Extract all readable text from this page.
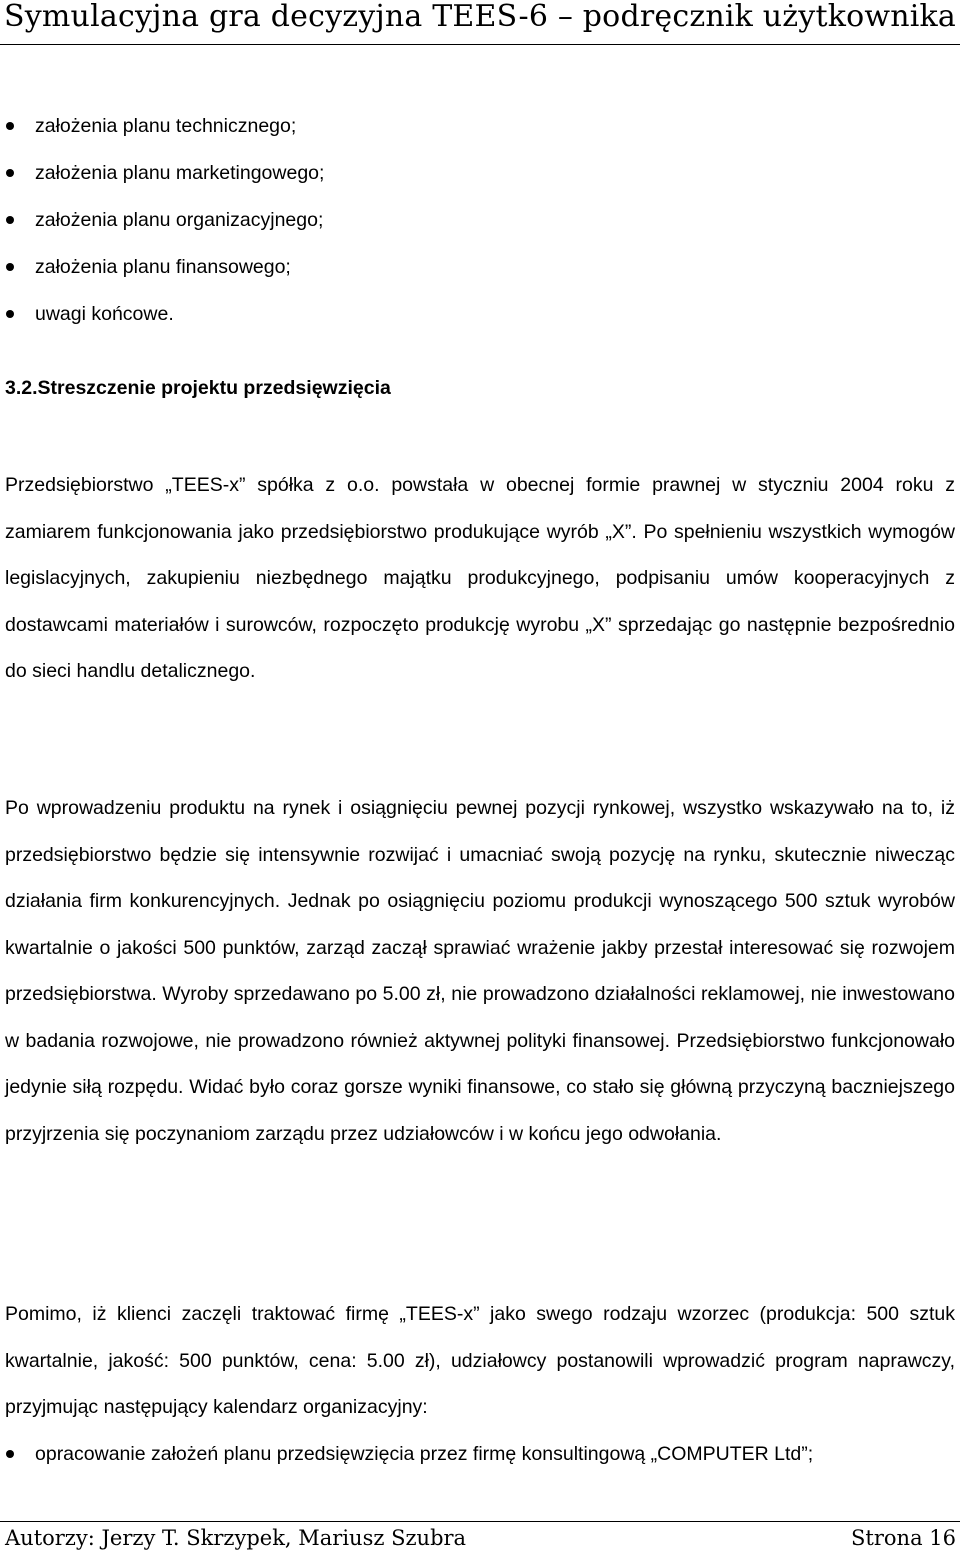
Symulacyjna gra decyzyjna TEES-6 – podręcznik użytkownika
założenia planu technicznego;
założenia planu marketingowego;
założenia planu organizacyjnego;
założenia planu finansowego;
uwagi końcowe.
3.2.Streszczenie projektu przedsięwzięcia

Przedsiębiorstwo „TEES-x” spółka z o.o. powstała w obecnej formie prawnej w styczniu 2004 roku z zamiarem funkcjonowania jako przedsiębiorstwo produkujące wyrób „X”. Po spełnieniu wszystkich wymogów legislacyjnych, zakupieniu niezbędnego majątku produkcyjnego, podpisaniu umów kooperacyjnych z dostawcami materiałów i surowców, rozpoczęto produkcję wyrobu „X” sprzedając go następnie bezpośrednio do sieci handlu detalicznego.

Po wprowadzeniu produktu na rynek i osiągnięciu pewnej pozycji rynkowej, wszystko wskazywało na to, iż przedsiębiorstwo będzie się intensywnie rozwijać i umacniać swoją pozycję na rynku, skutecznie niwecząc działania firm konkurencyjnych. Jednak po osiągnięciu poziomu produkcji wynoszącego 500 sztuk wyrobów kwartalnie o jakości 500 punktów, zarząd zaczął sprawiać wrażenie jakby przestał interesować się rozwojem przedsiębiorstwa. Wyroby sprzedawano po 5.00 zł, nie prowadzono działalności reklamowej, nie inwestowano w badania rozwojowe, nie prowadzono również aktywnej polityki finansowej. Przedsiębiorstwo funkcjonowało jedynie siłą rozpędu. Widać było coraz gorsze wyniki finansowe, co stało się główną przyczyną baczniejszego przyjrzenia się poczynaniom zarządu przez udziałowców i w końcu jego odwołania.

Pomimo, iż klienci zaczęli traktować firmę „TEES-x” jako swego rodzaju wzorzec (produkcja: 500 sztuk kwartalnie, jakość: 500 punktów, cena: 5.00 zł), udziałowcy postanowili wprowadzić program naprawczy, przyjmując następujący kalendarz organizacyjny:

opracowanie założeń planu przedsięwzięcia przez firmę konsultingową „COMPUTER Ltd”;
Autorzy: Jerzy T. Skrzypek, Mariusz Szubra	Strona 16
